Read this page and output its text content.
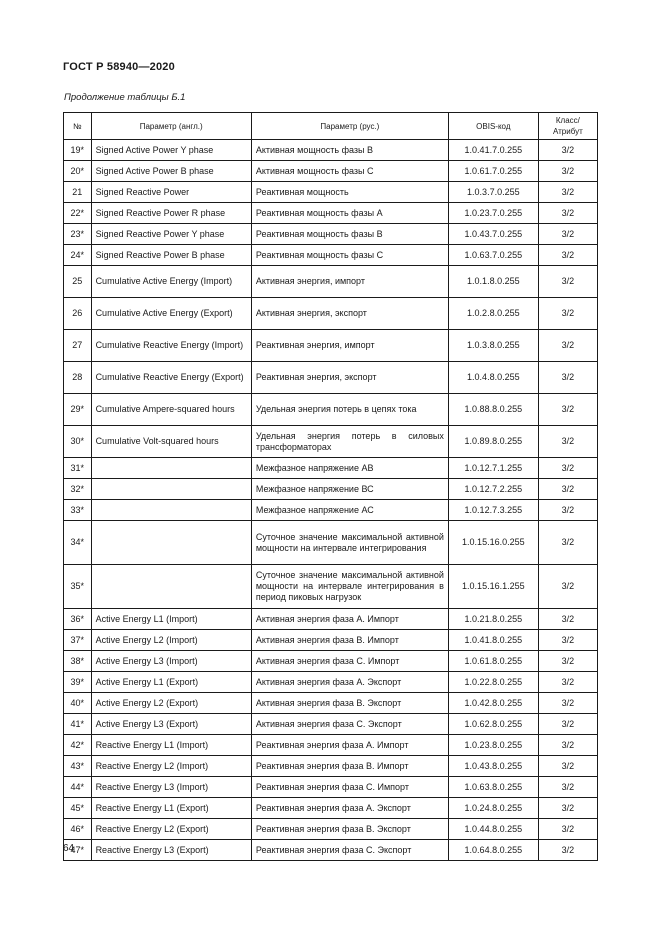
ГОСТ Р 58940—2020
Продолжение таблицы Б.1
№	Параметр (англ.)	Параметр (рус.)	OBIS-код	Класс/ Атрибут
19*	Signed Active Power Y phase	Активная мощность фазы B	1.0.41.7.0.255	3/2
20*	Signed Active Power B phase	Активная мощность фазы C	1.0.61.7.0.255	3/2
21	Signed Reactive Power	Реактивная мощность	1.0.3.7.0.255	3/2
22*	Signed Reactive Power R phase	Реактивная мощность фазы A	1.0.23.7.0.255	3/2
23*	Signed Reactive Power Y phase	Реактивная мощность фазы B	1.0.43.7.0.255	3/2
24*	Signed Reactive Power B phase	Реактивная мощность фазы C	1.0.63.7.0.255	3/2
25	Cumulative Active Energy (Import)	Активная энергия, импорт	1.0.1.8.0.255	3/2
26	Cumulative Active Energy (Export)	Активная энергия, экспорт	1.0.2.8.0.255	3/2
27	Cumulative Reactive Energy (Import)	Реактивная энергия, импорт	1.0.3.8.0.255	3/2
28	Cumulative Reactive Energy (Export)	Реактивная энергия, экспорт	1.0.4.8.0.255	3/2
29*	Cumulative Ampere-squared hours	Удельная энергия потерь в цепях тока	1.0.88.8.0.255	3/2
30*	Cumulative Volt-squared hours	Удельная энергия потерь в силовых трансформаторах	1.0.89.8.0.255	3/2
31*		Межфазное напряжение АВ	1.0.12.7.1.255	3/2
32*		Межфазное напряжение ВС	1.0.12.7.2.255	3/2
33*		Межфазное напряжение АС	1.0.12.7.3.255	3/2
34*		Суточное значение максимальной активной мощности на интервале интегрирования	1.0.15.16.0.255	3/2
35*		Суточное значение максимальной активной мощности на интервале интегрирования в период пиковых нагрузок	1.0.15.16.1.255	3/2
36*	Active Energy L1 (Import)	Активная энергия фаза А. Импорт	1.0.21.8.0.255	3/2
37*	Active Energy L2 (Import)	Активная энергия фаза В. Импорт	1.0.41.8.0.255	3/2
38*	Active Energy L3 (Import)	Активная энергия фаза С. Импорт	1.0.61.8.0.255	3/2
39*	Active Energy L1 (Export)	Активная энергия фаза А. Экспорт	1.0.22.8.0.255	3/2
40*	Active Energy L2 (Export)	Активная энергия фаза В. Экспорт	1.0.42.8.0.255	3/2
41*	Active Energy L3 (Export)	Активная энергия фаза С. Экспорт	1.0.62.8.0.255	3/2
42*	Reactive Energy L1 (Import)	Реактивная энергия фаза А. Импорт	1.0.23.8.0.255	3/2
43*	Reactive Energy L2 (Import)	Реактивная энергия фаза В. Импорт	1.0.43.8.0.255	3/2
44*	Reactive Energy L3 (Import)	Реактивная энергия фаза С. Импорт	1.0.63.8.0.255	3/2
45*	Reactive Energy L1 (Export)	Реактивная энергия фаза А. Экспорт	1.0.24.8.0.255	3/2
46*	Reactive Energy L2 (Export)	Реактивная энергия фаза В. Экспорт	1.0.44.8.0.255	3/2
47*	Reactive Energy L3 (Export)	Реактивная энергия фаза С. Экспорт	1.0.64.8.0.255	3/2
64
